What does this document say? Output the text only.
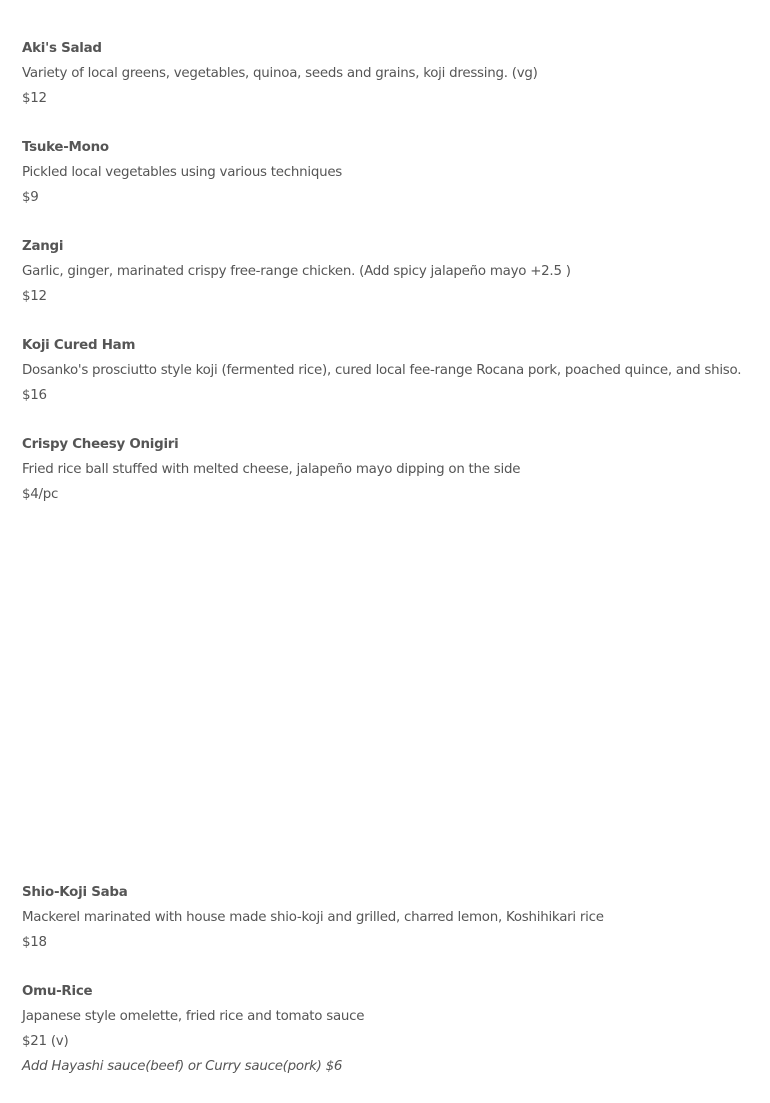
Aki's Salad
Variety of local greens, vegetables, quinoa, seeds and grains, koji dressing. (vg)
$12
Tsuke-Mono
Pickled local vegetables using various techniques
$9
Zangi
Garlic, ginger, marinated crispy free-range chicken. (Add spicy jalapeño mayo +2.5 )
$12
Koji Cured Ham
Dosanko's prosciutto style koji (fermented rice), cured local fee-range Rocana pork, poached quince, and shiso.
$16
Crispy Cheesy Onigiri
Fried rice ball stuffed with melted cheese, jalapeño mayo dipping on the side
$4/pc
Shio-Koji Saba
Mackerel marinated with house made shio-koji and grilled, charred lemon, Koshihikari rice
$18
Omu-Rice
Japanese style omelette, fried rice and tomato sauce
$21 (v)
Add Hayashi sauce(beef) or Curry sauce(pork) $6
